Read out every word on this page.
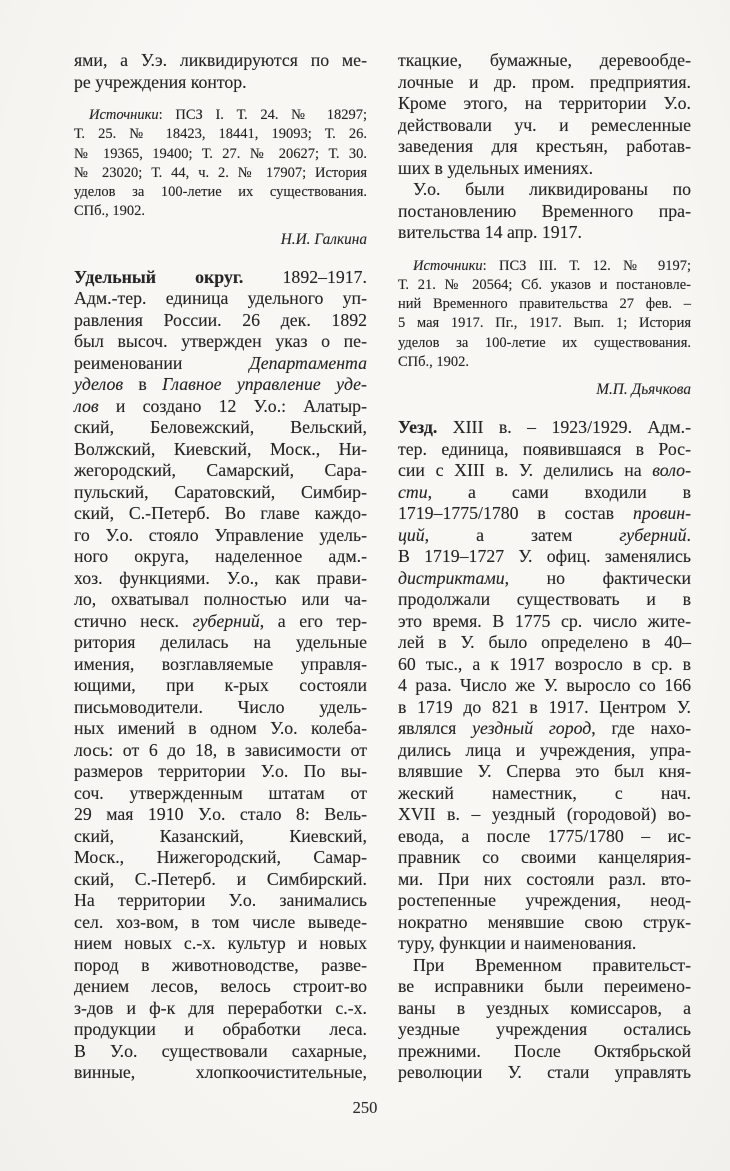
ями, а У.э. ликвидируются по ме-
ре учреждения контор.
Источники: ПСЗ I. Т. 24. № 18297;
Т. 25. № 18423, 18441, 19093; Т. 26.
№ 19365, 19400; Т. 27. № 20627; Т. 30.
№ 23020; Т. 44, ч. 2. № 17907; История
уделов за 100-летие их существования.
СПб., 1902.
Н.И. Галкина
Удельный округ. 1892–1917.
Адм.-тер. единица удельного уп-
равления России. 26 дек. 1892
был высоч. утвержден указ о пе-
реименовании Департамента
уделов в Главное управление уде-
лов и создано 12 У.о.: Алатыр-
ский, Беловежский, Вельский,
Волжский, Киевский, Моск., Ни-
жегородский, Самарский, Сара-
пульский, Саратовский, Симбир-
ский, С.-Петерб. Во главе каждо-
го У.о. стояло Управление удель-
ного округа, наделенное адм.-
хоз. функциями. У.о., как прави-
ло, охватывал полностью или ча-
стично неск. губерний, а его тер-
ритория делилась на удельные
имения, возглавляемые управля-
ющими, при к-рых состояли
письмоводители. Число удель-
ных имений в одном У.о. колеба-
лось: от 6 до 18, в зависимости от
размеров территории У.о. По вы-
соч. утвержденным штатам от
29 мая 1910 У.о. стало 8: Вель-
ский, Казанский, Киевский,
Моск., Нижегородский, Самар-
ский, С.-Петерб. и Симбирский.
На территории У.о. занимались
сел. хоз-вом, в том числе выведе-
нием новых с.-х. культур и новых
пород в животноводстве, разве-
дением лесов, велось строит-во
з-дов и ф-к для переработки с.-х.
продукции и обработки леса.
В У.о. существовали сахарные,
винные, хлопкоочистительные,
ткацкие, бумажные, деревообде-
лочные и др. пром. предприятия.
Кроме этого, на территории У.о.
действовали уч. и ремесленные
заведения для крестьян, работав-
ших в удельных имениях.
У.о. были ликвидированы по
постановлению Временного пра-
вительства 14 апр. 1917.
Источники: ПСЗ III. Т. 12. № 9197;
Т. 21. № 20564; Сб. указов и постановле-
ний Временного правительства 27 фев. –
5 мая 1917. Пг., 1917. Вып. 1; История
уделов за 100-летие их существования.
СПб., 1902.
М.П. Дьячкова
Уезд. XIII в. – 1923/1929. Адм.-
тер. единица, появившаяся в Рос-
сии с XIII в. У. делились на воло-
сти, а сами входили в
1719–1775/1780 в состав провин-
ций, а затем губерний.
В 1719–1727 У. офиц. заменялись
дистриктами, но фактически
продолжали существовать и в
это время. В 1775 ср. число жите-
лей в У. было определено в 40–
60 тыс., а к 1917 возросло в ср. в
4 раза. Число же У. выросло со 166
в 1719 до 821 в 1917. Центром У.
являлся уездный город, где нахо-
дились лица и учреждения, упра-
влявшие У. Сперва это был кня-
жеский наместник, с нач.
XVII в. – уездный (городовой) во-
евода, а после 1775/1780 – ис-
правник со своими канцелярия-
ми. При них состояли разл. вто-
ростепенные учреждения, неод-
нократно менявшие свою струк-
туру, функции и наименования.
При Временном правительст-
ве исправники были переимено-
ваны в уездных комиссаров, а
уездные учреждения остались
прежними. После Октябрьской
революции У. стали управлять
250
